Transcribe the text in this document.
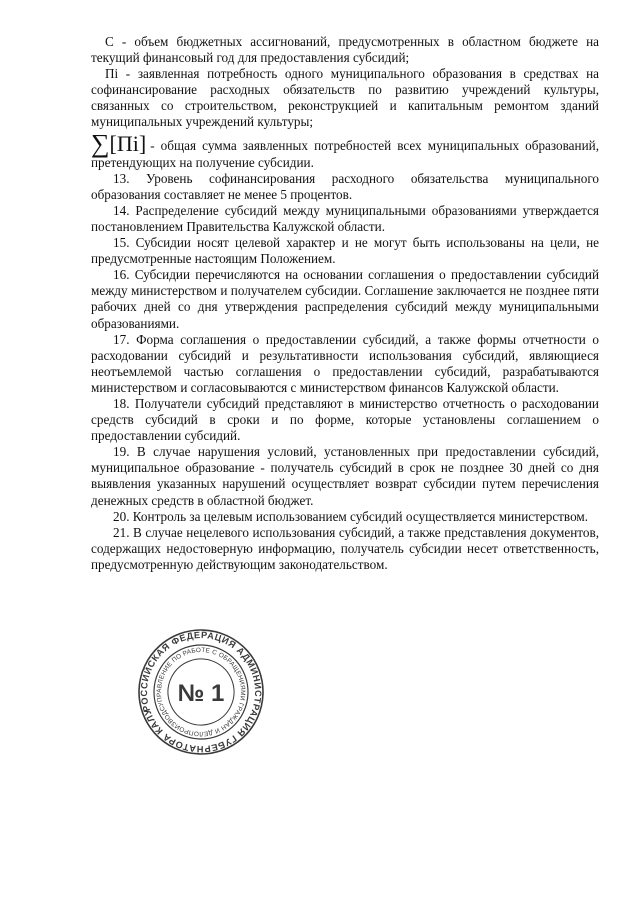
С - объем бюджетных ассигнований, предусмотренных в областном бюджете на текущий финансовый год для предоставления субсидий;

Пi - заявленная потребность одного муниципального образования в средствах на софинансирование расходных обязательств по развитию учреждений культуры, связанных со строительством, реконструкцией и капитальным ремонтом зданий муниципальных учреждений культуры;

∑ [Пi] - общая сумма заявленных потребностей всех муниципальных образований,

претендующих на получение субсидии.

13. Уровень софинансирования расходного обязательства муниципального образования составляет не менее 5 процентов.

14. Распределение субсидий между муниципальными образованиями утверждается постановлением Правительства Калужской области.

15. Субсидии носят целевой характер и не могут быть использованы на цели, не предусмотренные настоящим Положением.

16. Субсидии перечисляются на основании соглашения о предоставлении субсидий между министерством и получателем субсидии. Соглашение заключается не позднее пяти рабочих дней со дня утверждения распределения субсидий между муниципальными образованиями.

17. Форма соглашения о предоставлении субсидий, а также формы отчетности о расходовании субсидий и результативности использования субсидий, являющиеся неотъемлемой частью соглашения о предоставлении субсидий, разрабатываются министерством и согласовываются с министерством финансов Калужской области.

18. Получатели субсидий представляют в министерство отчетность о расходовании средств субсидий в сроки и по форме, которые установлены соглашением о предоставлении субсидий.

19. В случае нарушения условий, установленных при предоставлении субсидий, муниципальное образование - получатель субсидий в срок не позднее 30 дней со дня выявления указанных нарушений осуществляет возврат субсидии путем перечисления денежных средств в областной бюджет.

20. Контроль за целевым использованием субсидий осуществляется министерством.

21. В случае нецелевого использования субсидий, а также представления документов, содержащих недостоверную информацию, получатель субсидии несет ответственность, предусмотренную действующим законодательством.

РОССИЙСКАЯ ФЕДЕРАЦИЯ АДМИНИСТРАЦИЯ ГУБЕРНАТОРА КАЛУЖСКОЙ
УПРАВЛЕНИЕ ПО РАБОТЕ С ОБРАЩЕНИЯМИ ГРАЖДАН И ДЕЛОПРОИЗВОДСТВУ
№ 1
